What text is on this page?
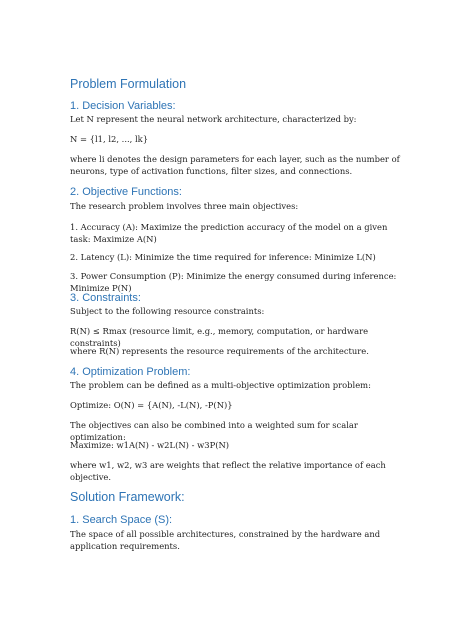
Problem Formulation
1. Decision Variables:

Let N represent the neural network architecture, characterized by:

N = {l1, l2, ..., lk}

where li denotes the design parameters for each layer, such as the number of neurons, type of activation functions, filter sizes, and connections.

2. Objective Functions:

The research problem involves three main objectives:

1. Accuracy (A): Maximize the prediction accuracy of the model on a given task: Maximize A(N)

2. Latency (L): Minimize the time required for inference: Minimize L(N)

3. Power Consumption (P): Minimize the energy consumed during inference: Minimize P(N)

3. Constraints:

Subject to the following resource constraints:

R(N) ≤ Rmax (resource limit, e.g., memory, computation, or hardware constraints)

where R(N) represents the resource requirements of the architecture.

4. Optimization Problem:

The problem can be defined as a multi-objective optimization problem:

Optimize: O(N) = {A(N), -L(N), -P(N)}

The objectives can also be combined into a weighted sum for scalar optimization:

Maximize: w1A(N) - w2L(N) - w3P(N)

where w1, w2, w3 are weights that reflect the relative importance of each objective.

Solution Framework:
1. Search Space (S):

The space of all possible architectures, constrained by the hardware and application requirements.
